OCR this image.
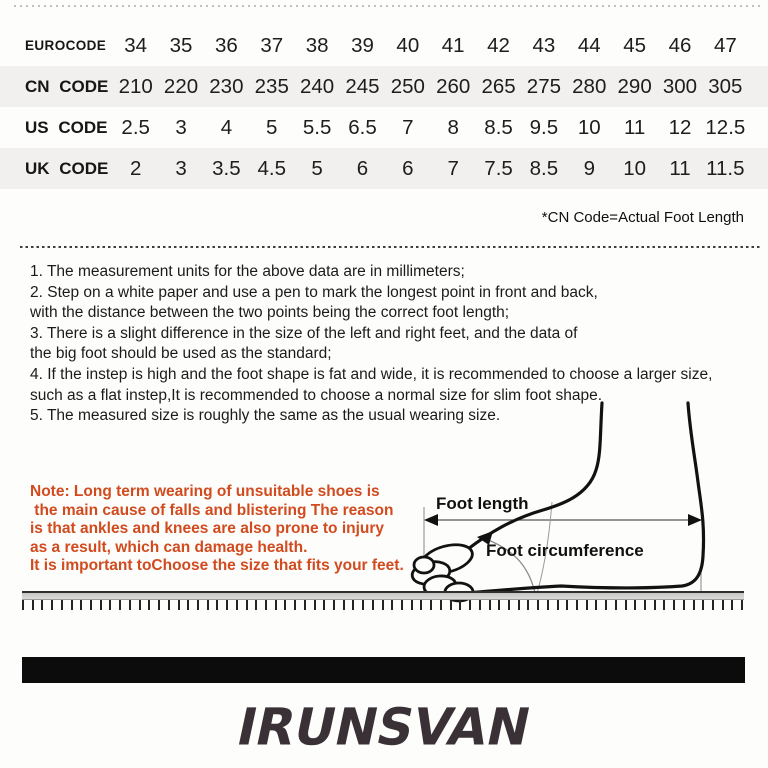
EUROCODE 34	35	36	37	38	39	40	41	42	43	44	45	46	47
CN CODE 210 220 230 235 240 245 250 260 265 275 280 290 300 305
US CODE 2.5	3	4	5	5.5 6.5	7	8	8.5 9.5 10	11	12 12.5
UK CODE	2	3	3.5 4.5	5	6	6	7	7.5 8.5	9	10	11 11.5
*CN Code=Actual Foot Length
1. The measurement units for the above data are in millimeters;
2. Step on a white paper and use a pen to mark the longest point in front and back,
with the distance between the two points being the correct foot length;
3. There is a slight difference in the size of the left and right feet, and the data of
the big foot should be used as the standard;
4. If the instep is high and the foot shape is fat and wide, it is recommended to choose a larger size,
such as a flat instep,It is recommended to choose a normal size for slim foot shape.
5. The measured size is roughly the same as the usual wearing size.
Note: Long term wearing of unsuitable shoes is
the main cause of falls and blistering The reason
is that ankles and knees are also prone to injury
as a result, which can damage health.
It is important toChoose the size that fits your feet.
Foot length
Foot circumference
IRUNSVAN
